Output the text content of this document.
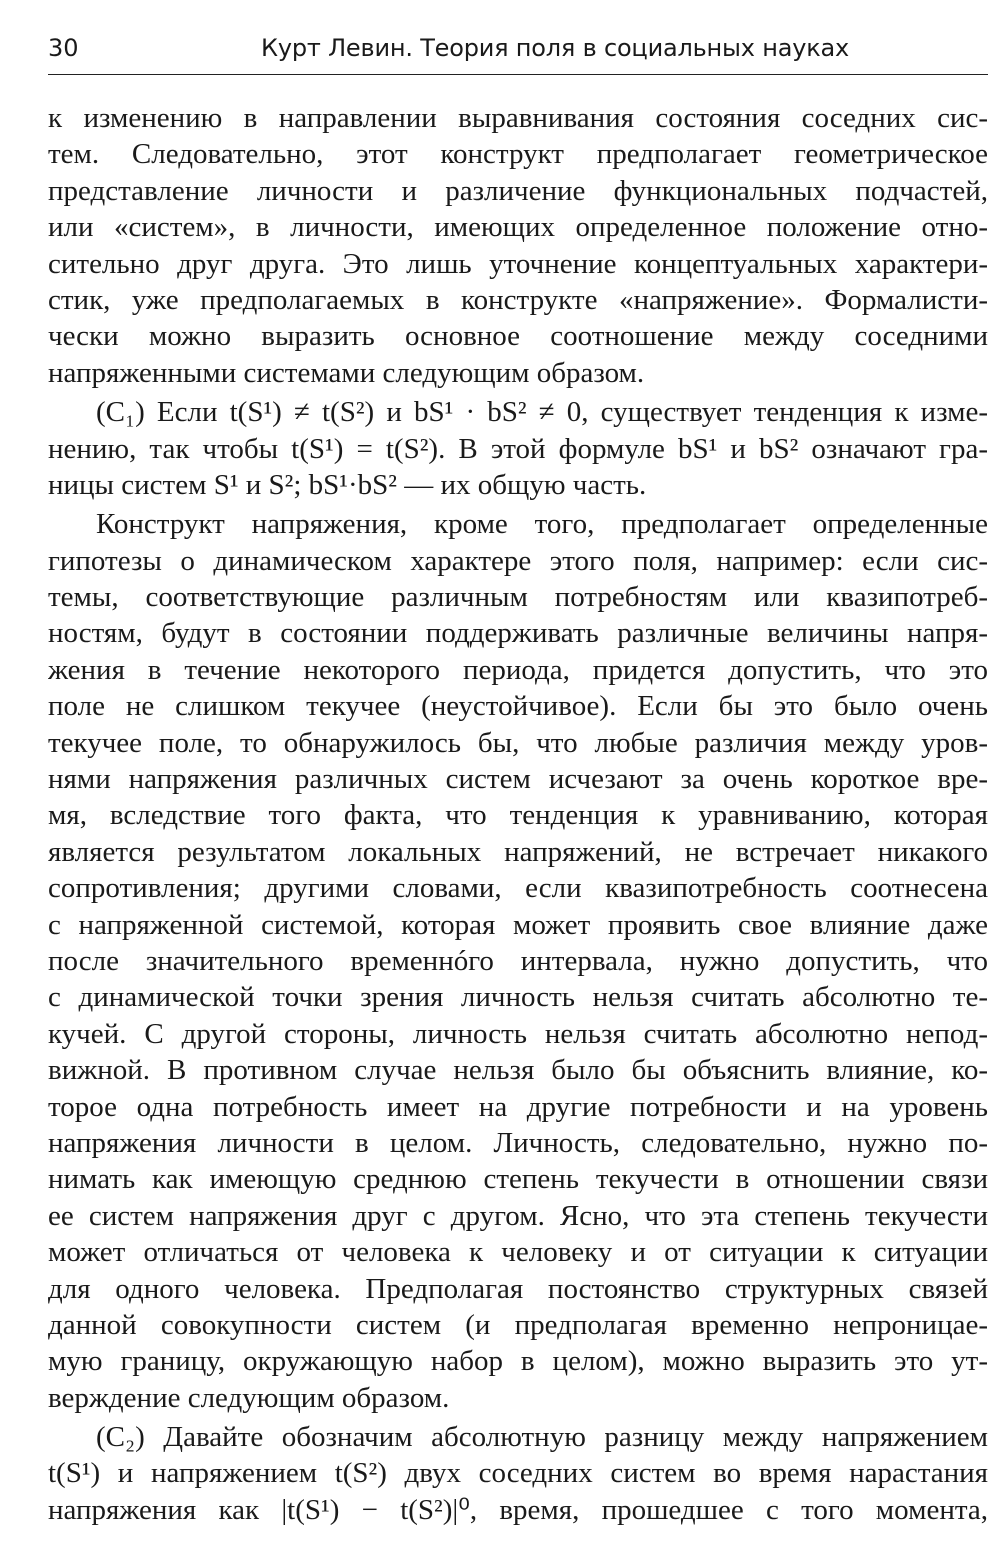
30	Курт Левин. Теория поля в социальных науках
к изменению в направлении выравнивания состояния соседних сис-
тем. Следовательно, этот конструкт предполагает геометрическое
представление личности и различение функциональных подчастей,
или «систем», в личности, имеющих определенное положение отно-
сительно друг друга. Это лишь уточнение концептуальных характери-
стик, уже предполагаемых в конструкте «напряжение». Формалисти-
чески можно выразить основное соотношение между соседними
напряженными системами следующим образом.
(C₁) Если t(S¹) ≠ t(S²) и bS¹ · bS² ≠ 0, существует тенденция к изме-
нению, так чтобы t(S¹) = t(S²). В этой формуле bS¹ и bS² означают гра-
ницы систем S¹ и S²; bS¹·bS² — их общую часть.
Конструкт напряжения, кроме того, предполагает определенные
гипотезы о динамическом характере этого поля, например: если сис-
темы, соответствующие различным потребностям или квазипотреб-
ностям, будут в состоянии поддерживать различные величины напря-
жения в течение некоторого периода, придется допустить, что это
поле не слишком текучее (неустойчивое). Если бы это было очень
текучее поле, то обнаружилось бы, что любые различия между уров-
нями напряжения различных систем исчезают за очень короткое вре-
мя, вследствие того факта, что тенденция к уравниванию, которая
является результатом локальных напряжений, не встречает никакого
сопротивления; другими словами, если квазипотребность соотнесена
с напряженной системой, которая может проявить свое влияние даже
после значительного временнóго интервала, нужно допустить, что
с динамической точки зрения личность нельзя считать абсолютно те-
кучей. С другой стороны, личность нельзя считать абсолютно непод-
вижной. В противном случае нельзя было бы объяснить влияние, ко-
торое одна потребность имеет на другие потребности и на уровень
напряжения личности в целом. Личность, следовательно, нужно по-
нимать как имеющую среднюю степень текучести в отношении связи
ее систем напряжения друг с другом. Ясно, что эта степень текучести
может отличаться от человека к человеку и от ситуации к ситуации
для одного человека. Предполагая постоянство структурных связей
данной совокупности систем (и предполагая временно непроницае-
мую границу, окружающую набор в целом), можно выразить это ут-
верждение следующим образом.
(C₂) Давайте обозначим абсолютную разницу между напряжением
t(S¹) и напряжением t(S²) двух соседних систем во время нарастания
напряжения как |t(S¹) − t(S²)|⁰, время, прошедшее с того момента,
